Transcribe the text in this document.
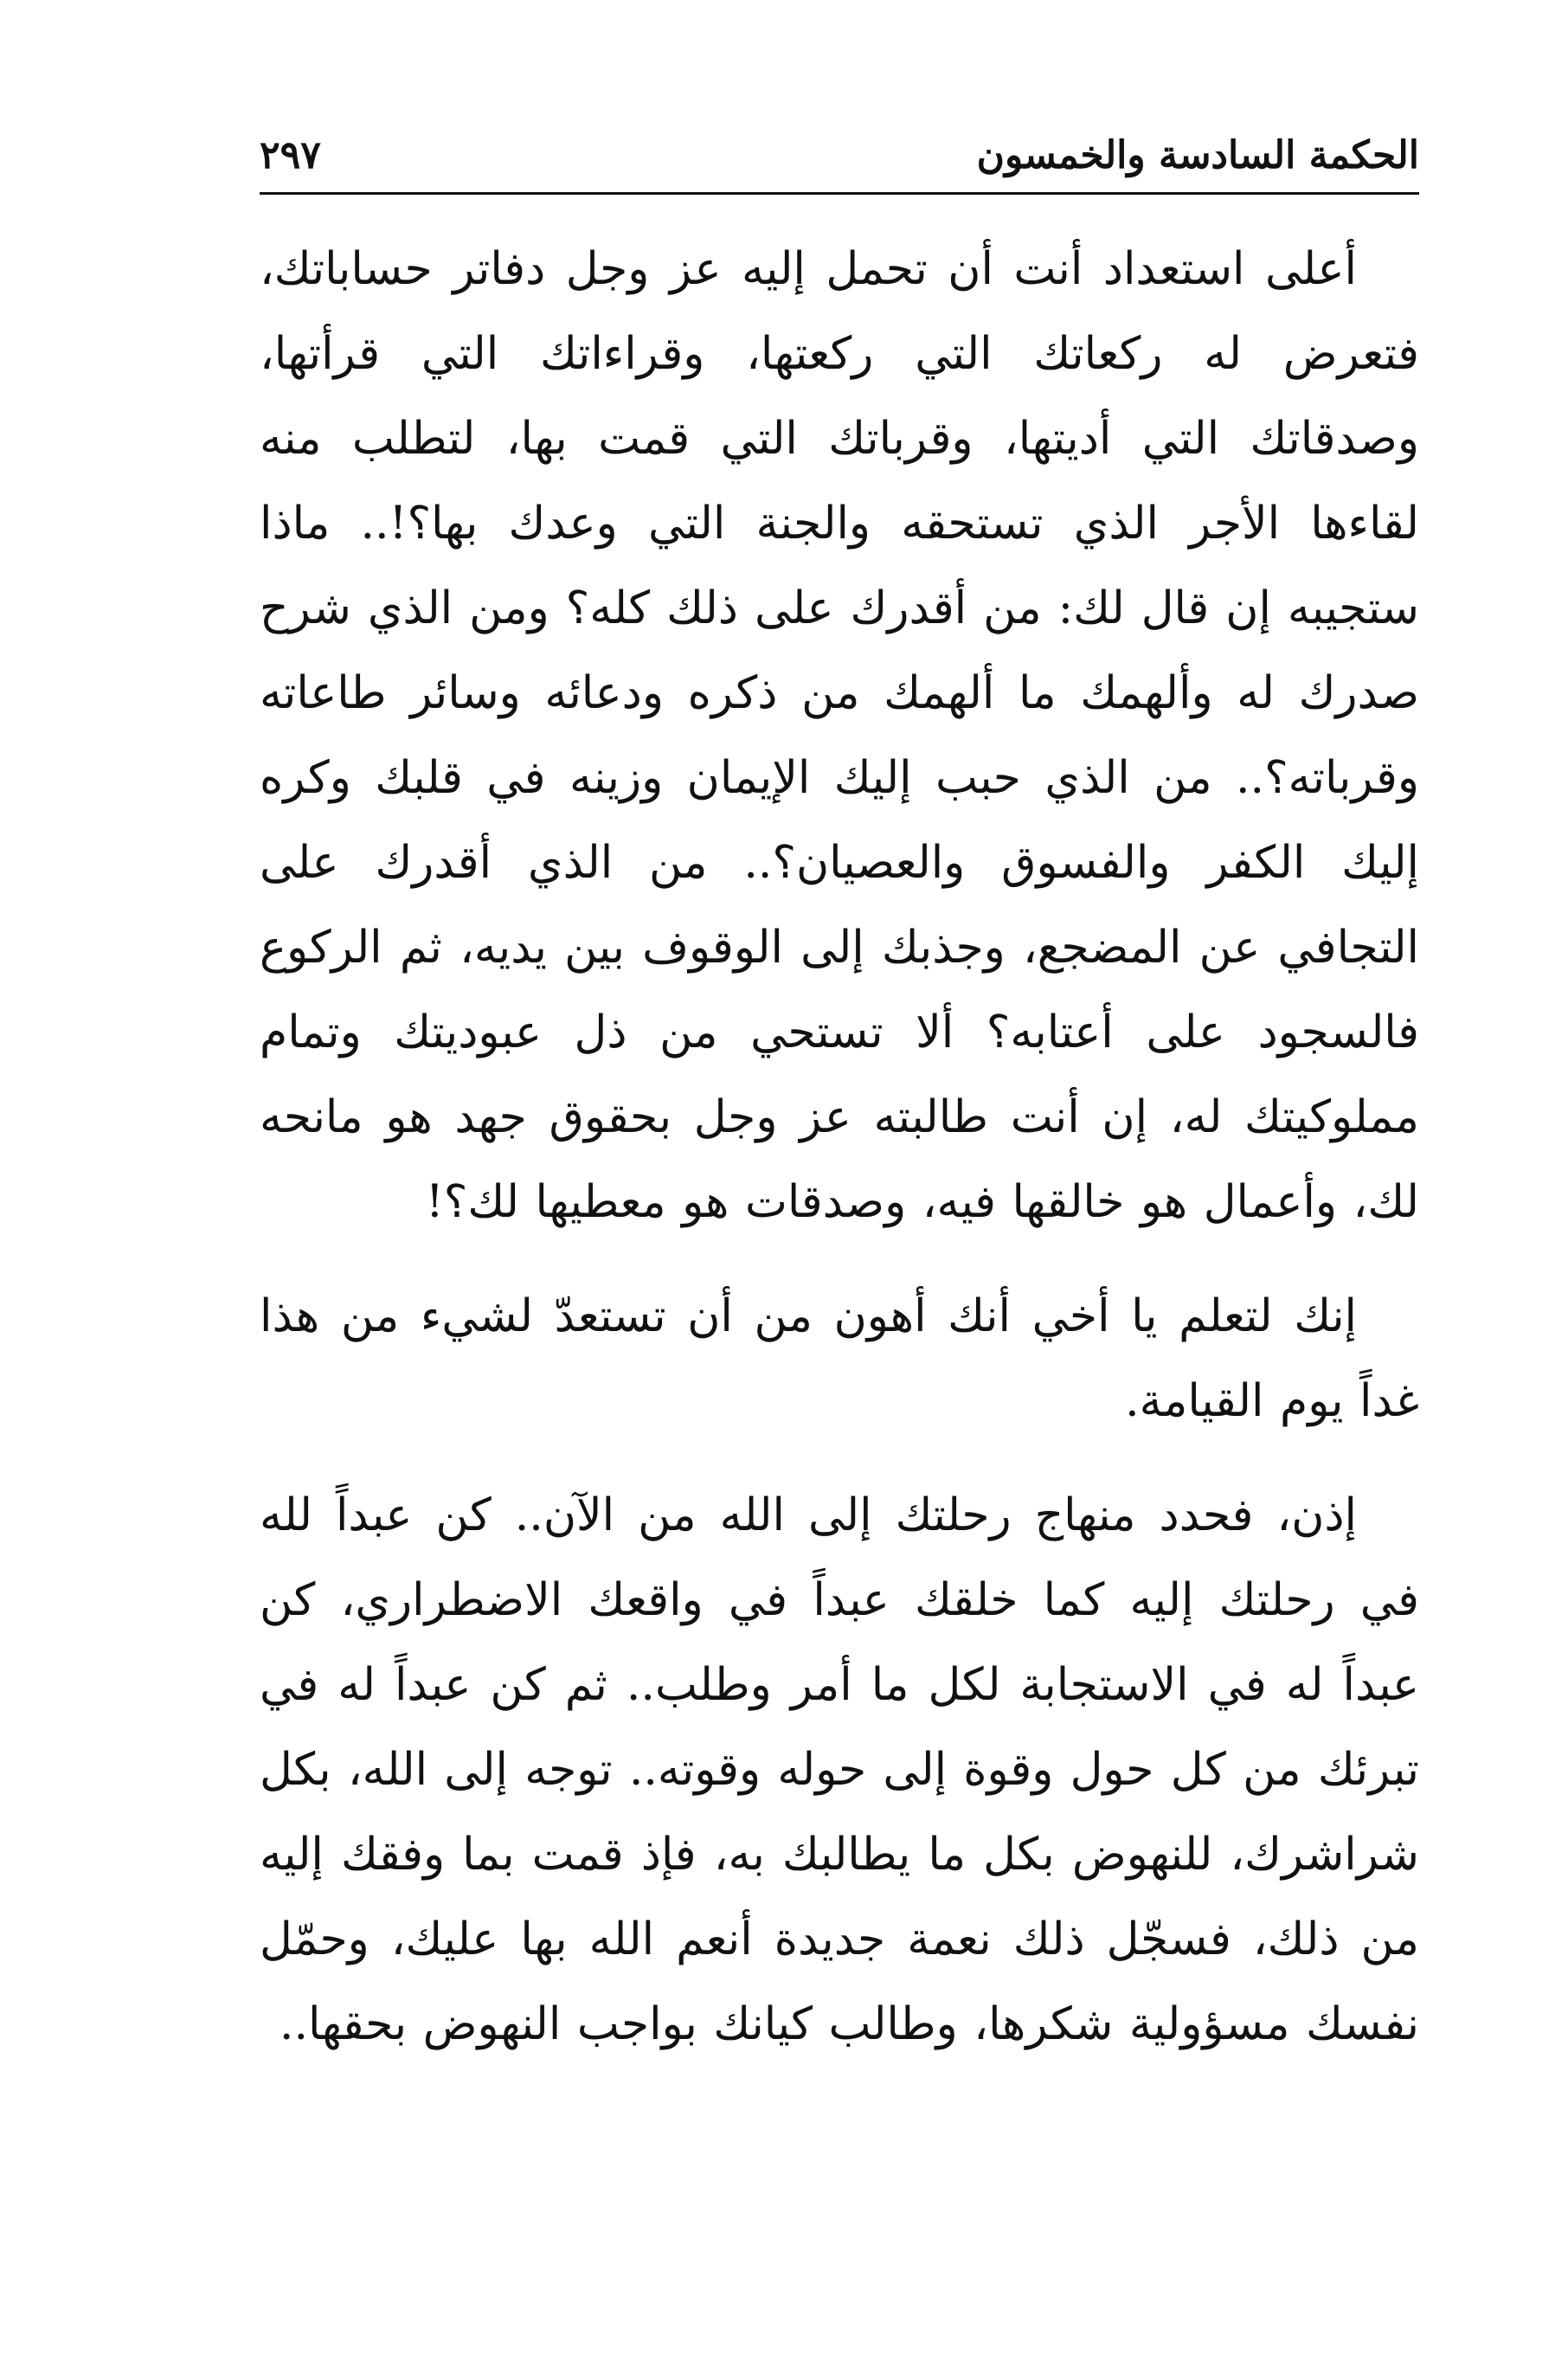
الحكمة السادسة والخمسون
٢٩٧

أعلى استعداد أنت أن تحمل إليه عز وجل دفاتر حساباتك، فتعرض له ركعاتك التي ركعتها، وقراءاتك التي قرأتها، وصدقاتك التي أديتها، وقرباتك التي قمت بها، لتطلب منه لقاءها الأجر الذي تستحقه والجنة التي وعدك بها؟!.. ماذا ستجيبه إن قال لك: من أقدرك على ذلك كله؟ ومن الذي شرح صدرك له وألهمك ما ألهمك من ذكره ودعائه وسائر طاعاته وقرباته؟.. من الذي حبب إليك الإيمان وزينه في قلبك وكره إليك الكفر والفسوق والعصيان؟.. من الذي أقدرك على التجافي عن المضجع، وجذبك إلى الوقوف بين يديه، ثم الركوع فالسجود على أعتابه؟ ألا تستحي من ذل عبوديتك وتمام مملوكيتك له، إن أنت طالبته عز وجل بحقوق جهد هو مانحه لك، وأعمال هو خالقها فيه، وصدقات هو معطيها لك؟!

إنك لتعلم يا أخي أنك أهون من أن تستعدّ لشيء من هذا غداً يوم القيامة.

إذن، فحدد منهاج رحلتك إلى الله من الآن.. كن عبداً لله في رحلتك إليه كما خلقك عبداً في واقعك الاضطراري، كن عبداً له في الاستجابة لكل ما أمر وطلب.. ثم كن عبداً له في تبرئك من كل حول وقوة إلى حوله وقوته.. توجه إلى الله، بكل شراشرك، للنهوض بكل ما يطالبك به، فإذ قمت بما وفقك إليه من ذلك، فسجّل ذلك نعمة جديدة أنعم الله بها عليك، وحمّل نفسك مسؤولية شكرها، وطالب كيانك بواجب النهوض بحقها..
